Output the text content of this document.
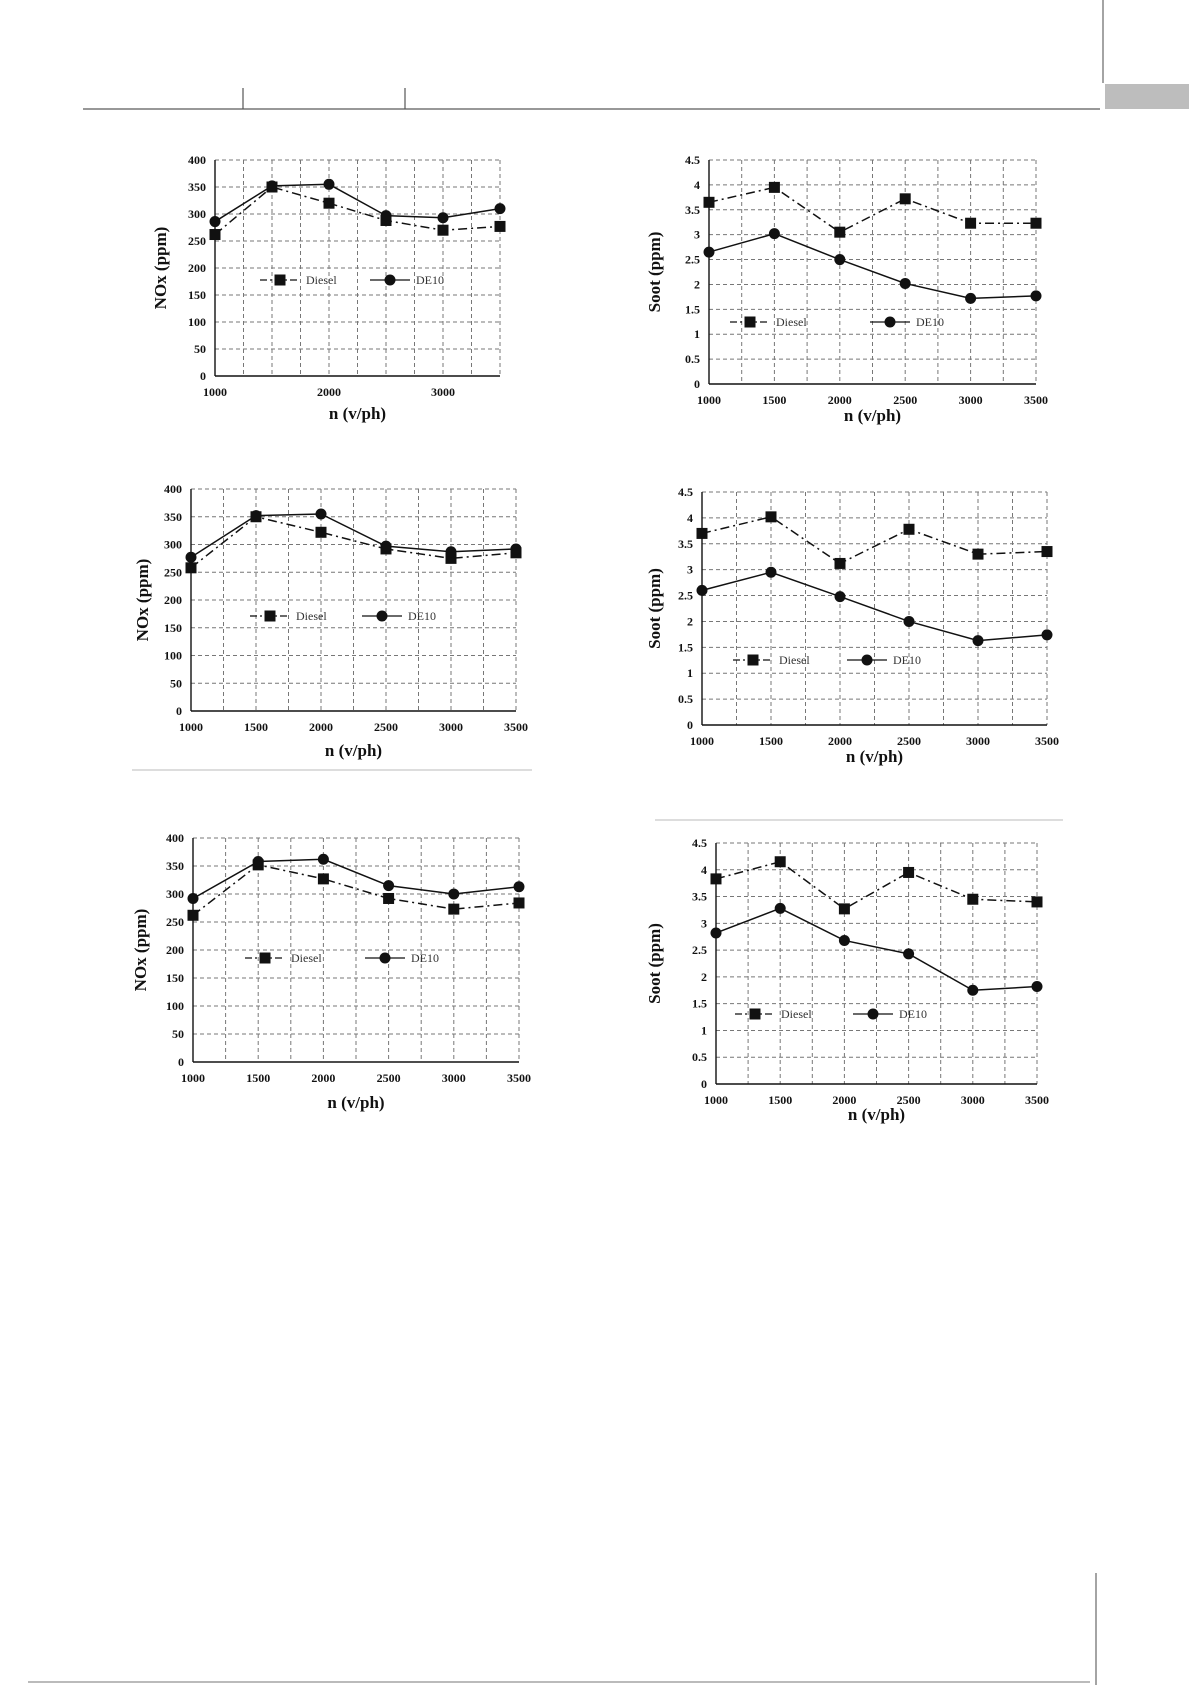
0
50
100
150
200
250
300
350
400
1000	2000	3000
n (v/ph)
NOx (ppm)	Diesel	DE10
0
0.5
1
1.5
2
2.5
3
3.5
4
4.5
1000	1500	2000	2500	3000	3500
n (v/ph)
Soot (ppm)
Diesel	DE10
0
50
100
150
200
250
300
350
400
1000	1500	2000	2500	3000	3500
n (v/ph)
NOx (ppm)	Diesel	DE10
0
0.5
1
1.5
2
2.5
3
3.5
4
4.5
1000	1500	2000	2500	3000	3500
n (v/ph)
Soot (ppm)
Diesel	DE10
0
50
100
150
200
250
300
350
400
1000	1500	2000	2500	3000	3500
n (v/ph)
NOx (ppm)	Diesel	DE10
0
0.5
1
1.5
2
2.5
3
3.5
4
4.5
1000	1500	2000	2500	3000	3500
n (v/ph)
Soot (ppm)
Diesel	DE10
